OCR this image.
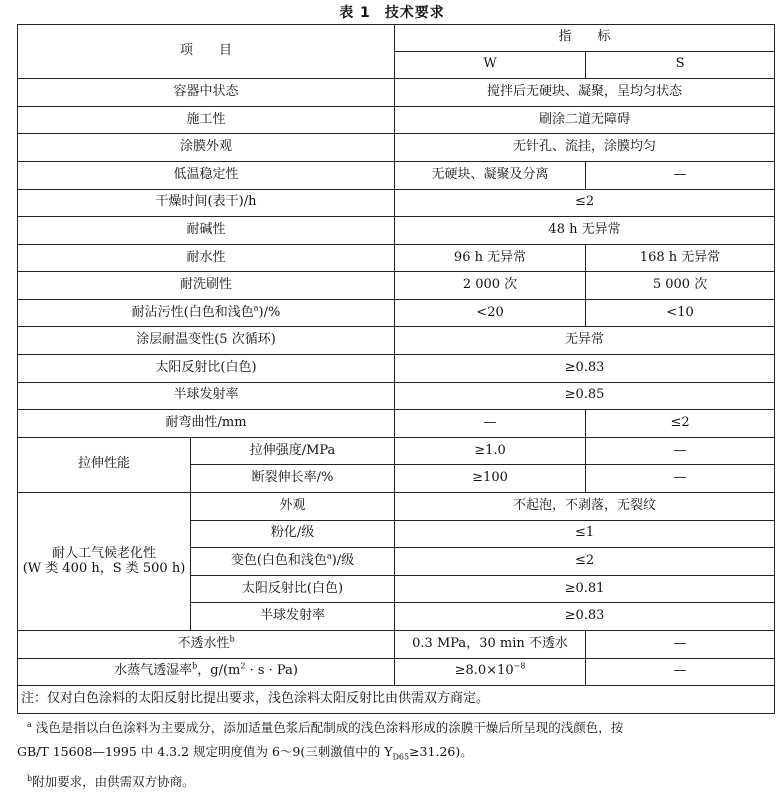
表 1 技术要求
项　　目		指　　标	
		W	S
容器中状态		搅拌后无硬块、凝聚，呈均匀状态	
施工性		刷涂二道无障碍	
涂膜外观		无针孔、流挂，涂膜均匀	
低温稳定性		无硬块、凝聚及分离	—
干燥时间(表干)/h		≤2	
耐碱性		48 h 无异常	
耐水性		96 h 无异常	168 h 无异常
耐洗刷性		2 000 次	5 000 次
耐沾污性(白色和浅色$^a$)/%		<20	<10
涂层耐温变性(5 次循环)		无异常	
太阳反射比(白色)		≥0.83	
半球发射率		≥0.85	
耐弯曲性/mm		—	≤2
拉伸性能	拉伸强度/MPa	≥1.0	—
	断裂伸长率/%	≥100	—

耐人工气候老化性
(W 类 400 h，S 类 500 h)	外观	不起泡，不剥落，无裂纹	
	粉化/级	≤1	
	变色(白色和浅色$^a$)/级	≤2	
	太阳反射比(白色)	≥0.81	
	半球发射率	≥0.83	
不透水性$^b$		0.3 MPa，30 min 不透水	—
水蒸气透湿率$^b$，$g/(m^2 \cdot s \cdot Pa)$		$\ge 8.0\times 10^{-8}$	—
注：仅对白色涂料的太阳反射比提出要求，浅色涂料太阳反射比由供需双方商定。			
$^a$ 浅色是指以白色涂料为主要成分，添加适量色浆后配制成的浅色涂料形成的涂膜干燥后所呈现的浅颜色，按
GB/T 15608—1995 中 4.3.2 规定明度值为 6～9(三刺激值中的 $Y_{D65}\ge 31.26$)。
$^b$附加要求，由供需双方协商。
